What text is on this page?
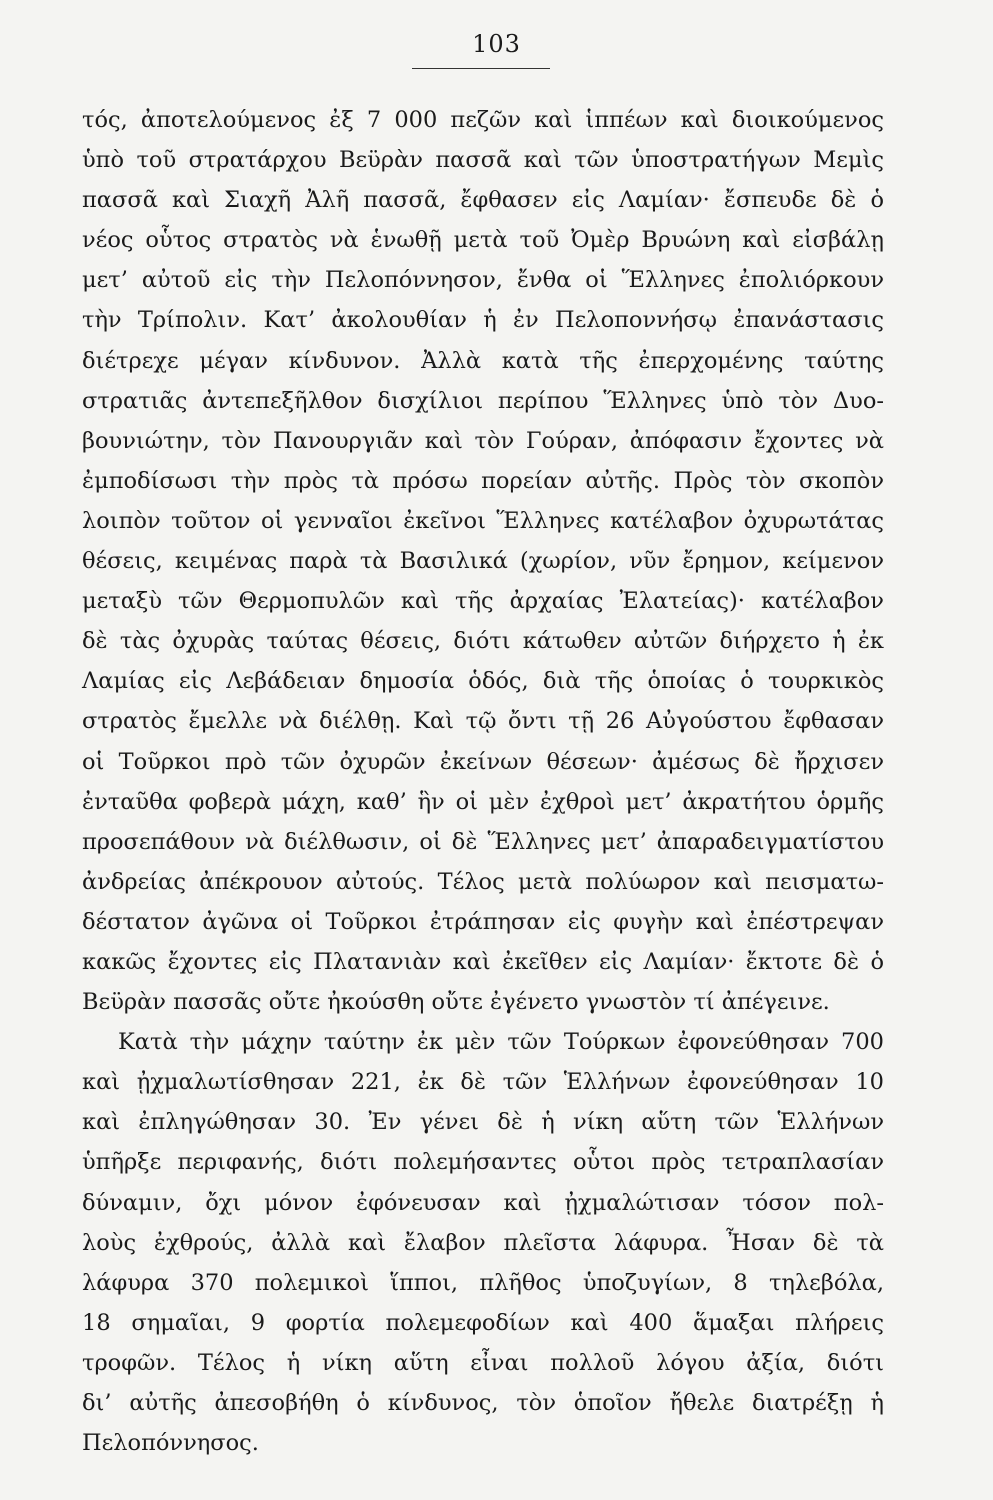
103
τός, ἀποτελούμενος ἐξ 7 000 πεζῶν καὶ ἱππέων καὶ διοικούμενος
ὑπὸ τοῦ στρατάρχου Βεϋρὰν πασσᾶ καὶ τῶν ὑποστρατήγων Μεμὶς
πασσᾶ καὶ Σιαχῆ Ἀλῆ πασσᾶ, ἔφθασεν εἰς Λαμίαν· ἔσπευδε δὲ ὁ
νέος οὗτος στρατὸς νὰ ἑνωθῇ μετὰ τοῦ Ὀμὲρ Βρυώνη καὶ εἰσβάλῃ
μετ’ αὐτοῦ εἰς τὴν Πελοπόννησον, ἔνθα οἱ Ἕλληνες ἐπολιόρκουν
τὴν Τρίπολιν. Κατ’ ἀκολουθίαν ἡ ἐν Πελοποννήσῳ ἐπανάστασις
διέτρεχε μέγαν κίνδυνον. Ἀλλὰ κατὰ τῆς ἐπερχομένης ταύτης
στρατιᾶς ἀντεπεξῆλθον δισχίλιοι περίπου Ἕλληνες ὑπὸ τὸν Δυο-
βουνιώτην, τὸν Πανουργιᾶν καὶ τὸν Γούραν, ἀπόφασιν ἔχοντες νὰ
ἐμποδίσωσι τὴν πρὸς τὰ πρόσω πορείαν αὐτῆς. Πρὸς τὸν σκοπὸν
λοιπὸν τοῦτον οἱ γενναῖοι ἐκεῖνοι Ἕλληνες κατέλαβον ὀχυρωτάτας
θέσεις, κειμένας παρὰ τὰ Βασιλικά (χωρίον, νῦν ἔρημον, κείμενον
μεταξὺ τῶν Θερμοπυλῶν καὶ τῆς ἀρχαίας Ἐλατείας)· κατέλαβον
δὲ τὰς ὀχυρὰς ταύτας θέσεις, διότι κάτωθεν αὐτῶν διήρχετο ἡ ἐκ
Λαμίας εἰς Λεβάδειαν δημοσία ὁδός, διὰ τῆς ὁποίας ὁ τουρκικὸς
στρατὸς ἔμελλε νὰ διέλθῃ. Καὶ τῷ ὄντι τῇ 26 Αὐγούστου ἔφθασαν
οἱ Τοῦρκοι πρὸ τῶν ὀχυρῶν ἐκείνων θέσεων· ἀμέσως δὲ ἤρχισεν
ἐνταῦθα φοβερὰ μάχη, καθ’ ἣν οἱ μὲν ἐχθροὶ μετ’ ἀκρατήτου ὁρμῆς
προσεπάθουν νὰ διέλθωσιν, οἱ δὲ Ἕλληνες μετ’ ἀπαραδειγματίστου
ἀνδρείας ἀπέκρουον αὐτούς. Τέλος μετὰ πολύωρον καὶ πεισματω-
δέστατον ἀγῶνα οἱ Τοῦρκοι ἐτράπησαν εἰς φυγὴν καὶ ἐπέστρεψαν
κακῶς ἔχοντες εἰς Πλατανιὰν καὶ ἐκεῖθεν εἰς Λαμίαν· ἔκτοτε δὲ ὁ
Βεϋρὰν πασσᾶς οὔτε ἠκούσθη οὔτε ἐγένετο γνωστὸν τί ἀπέγεινε.
Κατὰ τὴν μάχην ταύτην ἐκ μὲν τῶν Τούρκων ἐφονεύθησαν 700
καὶ ᾐχμαλωτίσθησαν 221, ἐκ δὲ τῶν Ἑλλήνων ἐφονεύθησαν 10
καὶ ἐπληγώθησαν 30. Ἐν γένει δὲ ἡ νίκη αὕτη τῶν Ἑλλήνων
ὑπῆρξε περιφανής, διότι πολεμήσαντες οὗτοι πρὸς τετραπλασίαν
δύναμιν, ὄχι μόνον ἐφόνευσαν καὶ ᾐχμαλώτισαν τόσον πολ-
λοὺς ἐχθρούς, ἀλλὰ καὶ ἔλαβον πλεῖστα λάφυρα. Ἦσαν δὲ τὰ
λάφυρα 370 πολεμικοὶ ἵπποι, πλῆθος ὑποζυγίων, 8 τηλεβόλα,
18 σημαῖαι, 9 φορτία πολεμεφοδίων καὶ 400 ἅμαξαι πλήρεις
τροφῶν. Τέλος ἡ νίκη αὕτη εἶναι πολλοῦ λόγου ἀξία, διότι
δι’ αὐτῆς ἀπεσοβήθη ὁ κίνδυνος, τὸν ὁποῖον ἤθελε διατρέξῃ ἡ
Πελοπόννησος.
